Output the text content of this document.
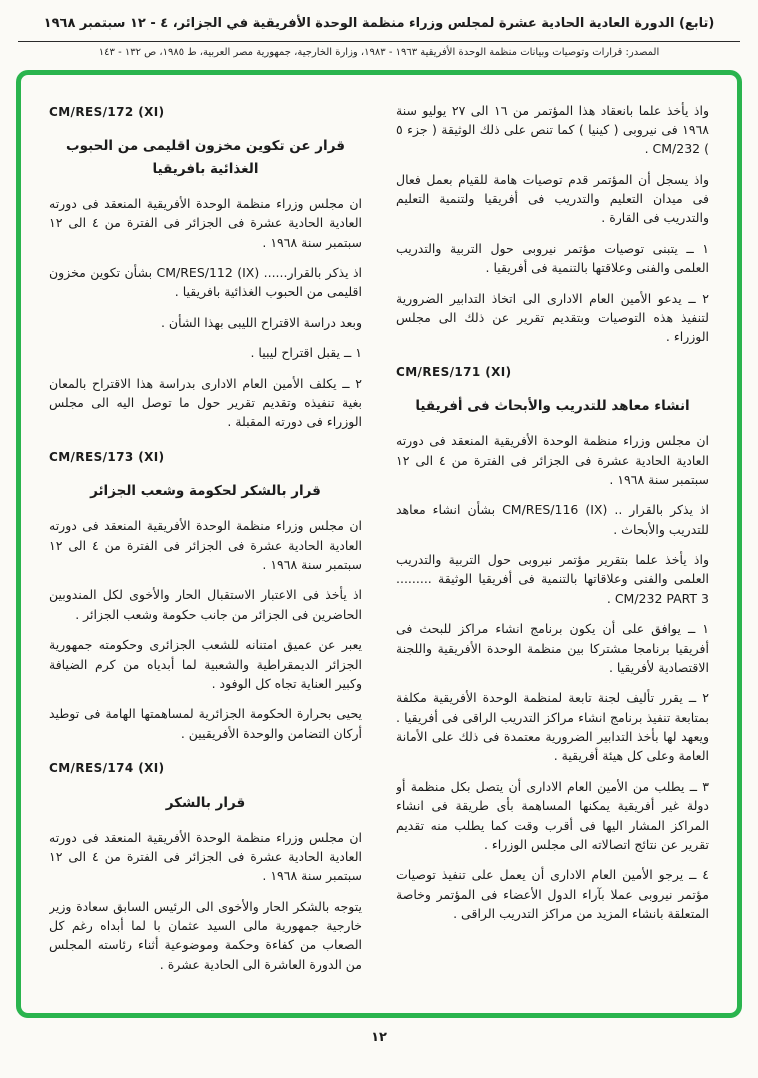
(تابع) الدورة العادية الحادية عشرة لمجلس وزراء منظمة الوحدة الأفريقية في الجزائر، ٤ - ١٢ سبتمبر ١٩٦٨
المصدر: قرارات وتوصيات وبيانات منظمة الوحدة الأفريقية ١٩٦٣ - ١٩٨٣، وزارة الخارجية، جمهورية مصر العربية، ط ١٩٨٥، ص ١٣٢ - ١٤٣

واذ يأخذ علما بانعقاد هذا المؤتمر من ١٦ الى ٢٧ يوليو سنة ١٩٦٨ فى نيروبى ( كينيا ) كما تنص على ذلك الوثيقة ( جزء ٥ ) CM/232 .

واذ يسجل أن المؤتمر قدم توصيات هامة للقيام بعمل فعال فى ميدان التعليم والتدريب فى أفريقيا ولتنمية التعليم والتدريب فى القارة .

١ ــ يتبنى توصيات مؤتمر نيروبى حول التربية والتدريب العلمى والفنى وعلاقتها بالتنمية فى أفريقيا .

٢ ــ يدعو الأمين العام الادارى الى اتخاذ التدابير الضرورية لتنفيذ هذه التوصيات وبتقديم تقرير عن ذلك الى مجلس الوزراء .

CM/RES/171 (XI)

انشاء معاهد للتدريب والأبحاث فى أفريقيا

ان مجلس وزراء منظمة الوحدة الأفريقية المنعقد فى دورته العادية الحادية عشرة فى الجزائر فى الفترة من ٤ الى ١٢ سبتمبر سنة ١٩٦٨ .

اذ يذكر بالقرار .. CM/RES/116 (IX) بشأن انشاء معاهد للتدريب والأبحاث .

واذ يأخذ علما بتقرير مؤتمر نيروبى حول التربية والتدريب العلمى والفنى وعلاقاتها بالتنمية فى أفريقيا الوثيقة ......... CM/232 PART 3 .

١ ــ يوافق على أن يكون برنامج انشاء مراكز للبحث فى أفريقيا برنامجا مشتركا بين منظمة الوحدة الأفريقية واللجنة الاقتصادية لأفريقيا .

٢ ــ يقرر تأليف لجنة تابعة لمنظمة الوحدة الأفريقية مكلفة بمتابعة تنفيذ برنامج انشاء مراكز التدريب الراقى فى أفريقيا . ويعهد لها بأخذ التدابير الضرورية معتمدة فى ذلك على الأمانة العامة وعلى كل هيئة أفريقية .

٣ ــ يطلب من الأمين العام الادارى أن يتصل بكل منظمة أو دولة غير أفريقية يمكنها المساهمة بأى طريقة فى انشاء المراكز المشار اليها فى أقرب وقت كما يطلب منه تقديم تقرير عن نتائج اتصالاته الى مجلس الوزراء .

٤ ــ يرجو الأمين العام الادارى أن يعمل على تنفيذ توصيات مؤتمر نيروبى عملا بآراء الدول الأعضاء فى المؤتمر وخاصة المتعلقة بانشاء المزيد من مراكز التدريب الراقى .

CM/RES/172 (XI)

قرار عن تكوين مخزون اقليمى من الحبوب الغذائية بافريقيا

ان مجلس وزراء منظمة الوحدة الأفريقية المنعقد فى دورته العادية الحادية عشرة فى الجزائر فى الفترة من ٤ الى ١٢ سبتمبر سنة ١٩٦٨ .

اذ يذكر بالقرار...... CM/RES/112 (IX) بشأن تكوين مخزون اقليمى من الحبوب الغذائية بافريقيا .

وبعد دراسة الاقتراح الليبى بهذا الشأن .

١ ــ يقبل اقتراح ليبيا .

٢ ــ يكلف الأمين العام الادارى بدراسة هذا الاقتراح بالمعان بغية تنفيذه وتقديم تقرير حول ما توصل اليه الى مجلس الوزراء فى دورته المقبلة .

CM/RES/173 (XI)

قرار بالشكر لحكومة وشعب الجزائر

ان مجلس وزراء منظمة الوحدة الأفريقية المنعقد فى دورته العادية الحادية عشرة فى الجزائر فى الفترة من ٤ الى ١٢ سبتمبر سنة ١٩٦٨ .

اذ يأخذ فى الاعتبار الاستقبال الحار والأخوى لكل المندوبين الحاضرين فى الجزائر من جانب حكومة وشعب الجزائر .

يعبر عن عميق امتنانه للشعب الجزائرى وحكومته جمهورية الجزائر الديمقراطية والشعبية لما أبدياه من كرم الضيافة وكبير العناية تجاه كل الوفود .

يحيى بحرارة الحكومة الجزائرية لمساهمتها الهامة فى توطيد أركان التضامن والوحدة الأفريقيين .

CM/RES/174 (XI)

قرار بالشكر

ان مجلس وزراء منظمة الوحدة الأفريقية المنعقد فى دورته العادية الحادية عشرة فى الجزائر فى الفترة من ٤ الى ١٢ سبتمبر سنة ١٩٦٨ .

يتوجه بالشكر الحار والأخوى الى الرئيس السابق سعادة وزير خارجية جمهورية مالى السيد عثمان با لما أبداه رغم كل الصعاب من كفاءة وحكمة وموضوعية أثناء رئاسته المجلس من الدورة العاشرة الى الحادية عشرة .

١٢
